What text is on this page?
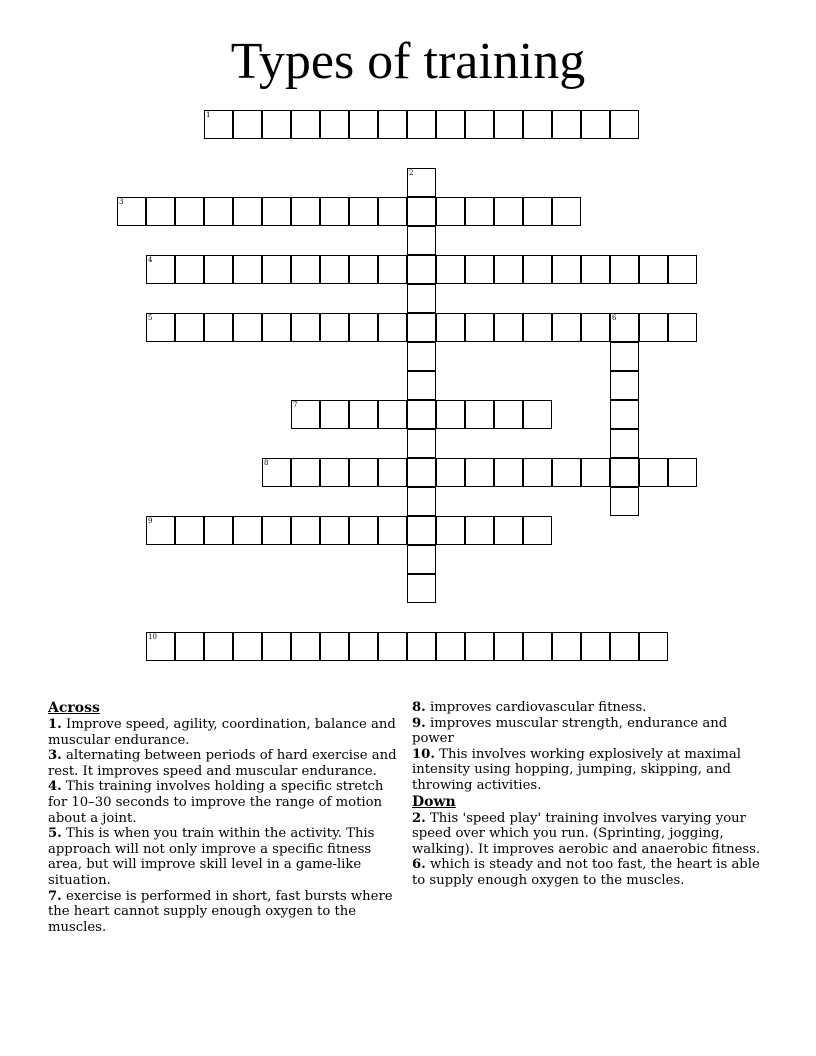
Types of training
1
2
3
4
5	6
7
8
9
10
Across
1. Improve speed, agility, coordination, balance and muscular endurance.
3. alternating between periods of hard exercise and rest. It improves speed and muscular endurance.
4. This training involves holding a specific stretch for 10–30 seconds to improve the range of motion about a joint.
5. This is when you train within the activity. This approach will not only improve a specific fitness area, but will improve skill level in a game-like situation.
7. exercise is performed in short, fast bursts where the heart cannot supply enough oxygen to the muscles.
8. improves cardiovascular fitness.
9. improves muscular strength, endurance and power
10. This involves working explosively at maximal intensity using hopping, jumping, skipping, and throwing activities.
Down
2. This 'speed play' training involves varying your speed over which you run. (Sprinting, jogging, walking). It improves aerobic and anaerobic fitness.
6. which is steady and not too fast, the heart is able to supply enough oxygen to the muscles.
